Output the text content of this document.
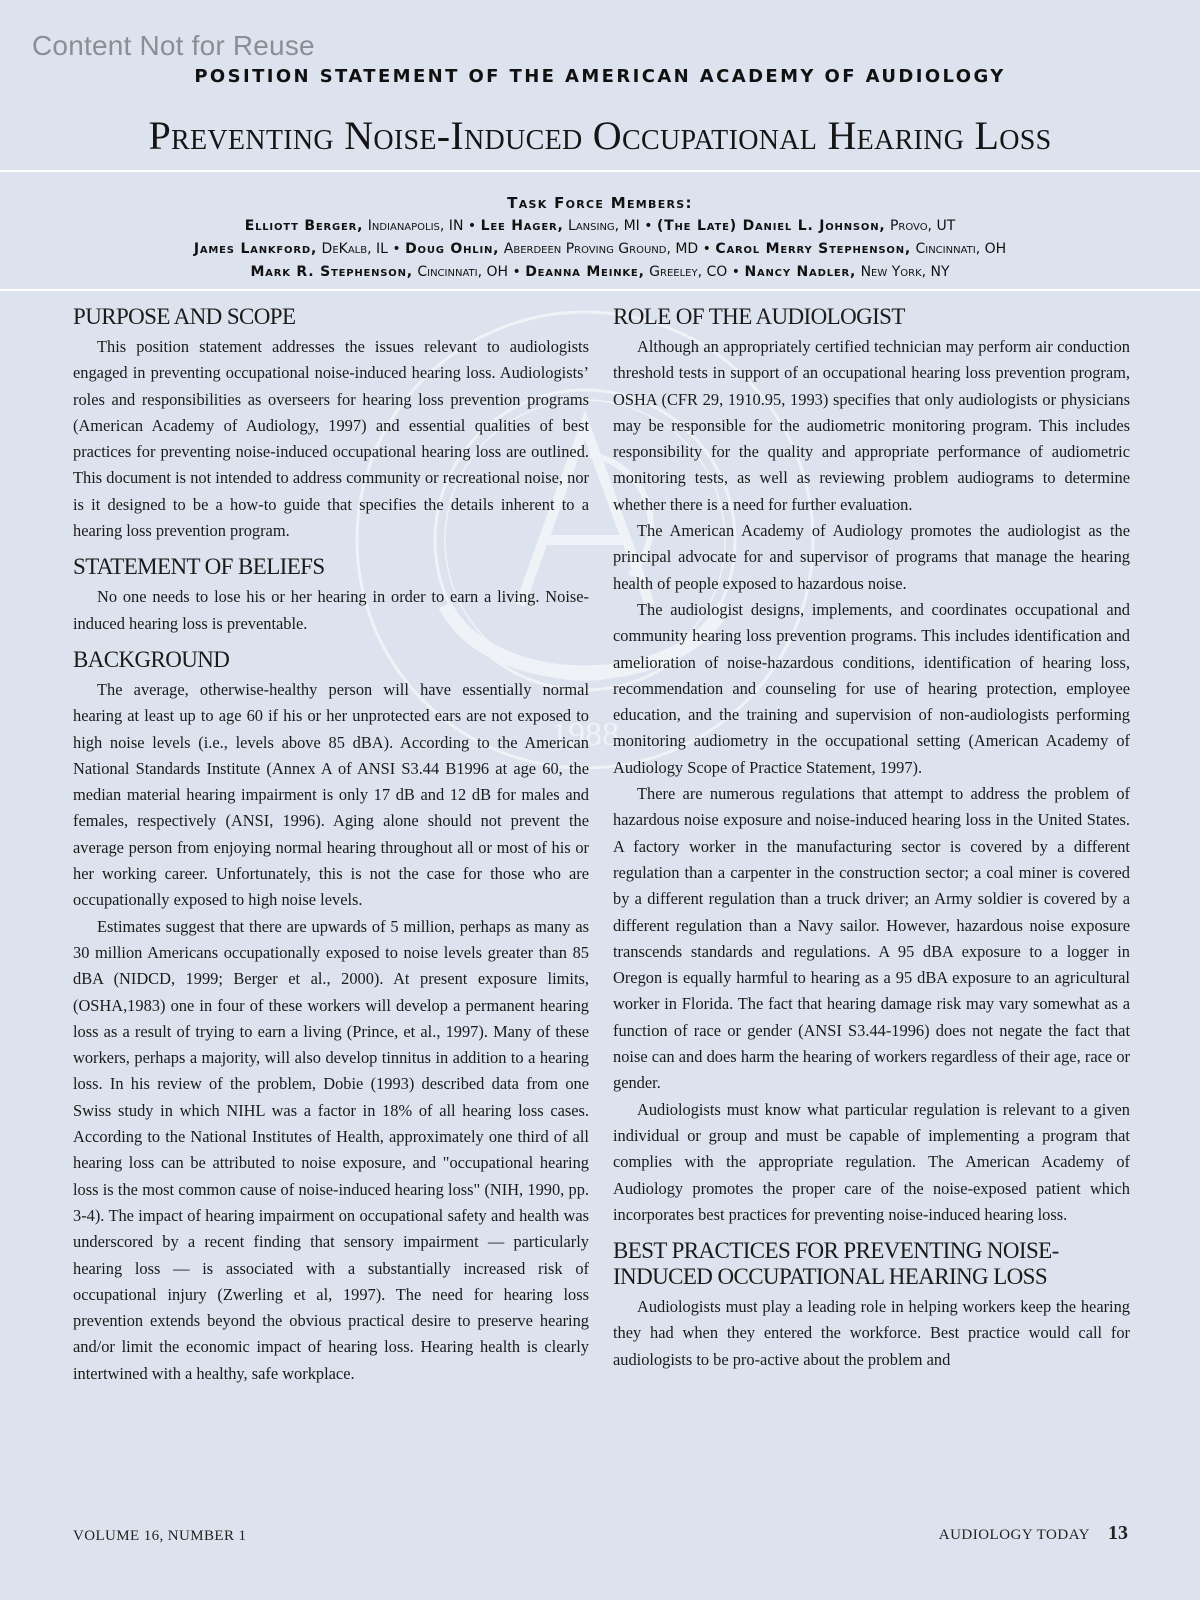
Content Not for Reuse
POSITION STATEMENT OF THE AMERICAN ACADEMY OF AUDIOLOGY
Preventing Noise-Induced Occupational Hearing Loss
Task Force Members:
Elliott Berger, Indianapolis, IN • Lee Hager, Lansing, MI • (The Late) Daniel L. Johnson, Provo, UT
James Lankford, DeKalb, IL • Doug Ohlin, Aberdeen Proving Ground, MD • Carol Merry Stephenson, Cincinnati, OH
Mark R. Stephenson, Cincinnati, OH • Deanna Meinke, Greeley, CO • Nancy Nadler, New York, NY
1988
PURPOSE AND SCOPE

This position statement addresses the issues relevant to audiologists engaged in preventing occupational noise-induced hearing loss. Audiologists’ roles and responsibilities as overseers for hearing loss prevention programs (American Academy of Audiology, 1997) and essential qualities of best practices for preventing noise-induced occupational hearing loss are outlined. This document is not intended to address community or recreational noise, nor is it designed to be a how-to guide that specifies the details inherent to a hearing loss prevention program.

STATEMENT OF BELIEFS

No one needs to lose his or her hearing in order to earn a living. Noise-induced hearing loss is preventable.

BACKGROUND

The average, otherwise-healthy person will have essentially normal hearing at least up to age 60 if his or her unprotected ears are not exposed to high noise levels (i.e., levels above 85 dBA). According to the American National Standards Institute (Annex A of ANSI S3.44 B1996 at age 60, the median material hearing impairment is only 17 dB and 12 dB for males and females, respectively (ANSI, 1996). Aging alone should not prevent the average person from enjoying normal hearing throughout all or most of his or her working career. Unfortunately, this is not the case for those who are occupationally exposed to high noise levels.

Estimates suggest that there are upwards of 5 million, perhaps as many as 30 million Americans occupationally exposed to noise levels greater than 85 dBA (NIDCD, 1999; Berger et al., 2000). At present exposure limits, (OSHA,1983) one in four of these workers will develop a permanent hearing loss as a result of trying to earn a living (Prince, et al., 1997). Many of these workers, perhaps a majority, will also develop tinnitus in addition to a hearing loss. In his review of the problem, Dobie (1993) described data from one Swiss study in which NIHL was a factor in 18% of all hearing loss cases. According to the National Institutes of Health, approximately one third of all hearing loss can be attributed to noise exposure, and "occupational hearing loss is the most common cause of noise-induced hearing loss" (NIH, 1990, pp. 3-4). The impact of hearing impairment on occupational safety and health was underscored by a recent finding that sensory impairment — particularly hearing loss — is associated with a substantially increased risk of occupational injury (Zwerling et al, 1997). The need for hearing loss prevention extends beyond the obvious practical desire to preserve hearing and/or limit the economic impact of hearing loss. Hearing health is clearly intertwined with a healthy, safe workplace.

ROLE OF THE AUDIOLOGIST

Although an appropriately certified technician may perform air conduction threshold tests in support of an occupational hearing loss prevention program, OSHA (CFR 29, 1910.95, 1993) specifies that only audiologists or physicians may be responsible for the audiometric monitoring program. This includes responsibility for the quality and appropriate performance of audiometric monitoring tests, as well as reviewing problem audiograms to determine whether there is a need for further evaluation.

The American Academy of Audiology promotes the audiologist as the principal advocate for and supervisor of programs that manage the hearing health of people exposed to hazardous noise.

The audiologist designs, implements, and coordinates occupational and community hearing loss prevention programs. This includes identification and amelioration of noise-hazardous conditions, identification of hearing loss, recommendation and counseling for use of hearing protection, employee education, and the training and supervision of non-audiologists performing monitoring audiometry in the occupational setting (American Academy of Audiology Scope of Practice Statement, 1997).

There are numerous regulations that attempt to address the problem of hazardous noise exposure and noise-induced hearing loss in the United States. A factory worker in the manufacturing sector is covered by a different regulation than a carpenter in the construction sector; a coal miner is covered by a different regulation than a truck driver; an Army soldier is covered by a different regulation than a Navy sailor. However, hazardous noise exposure transcends standards and regulations. A 95 dBA exposure to a logger in Oregon is equally harmful to hearing as a 95 dBA exposure to an agricultural worker in Florida. The fact that hearing damage risk may vary somewhat as a function of race or gender (ANSI S3.44-1996) does not negate the fact that noise can and does harm the hearing of workers regardless of their age, race or gender.

Audiologists must know what particular regulation is relevant to a given individual or group and must be capable of implementing a program that complies with the appropriate regulation. The American Academy of Audiology promotes the proper care of the noise-exposed patient which incorporates best practices for preventing noise-induced hearing loss.

BEST PRACTICES FOR PREVENTING NOISE-INDUCED OCCUPATIONAL HEARING LOSS

Audiologists must play a leading role in helping workers keep the hearing they had when they entered the workforce. Best practice would call for audiologists to be pro-active about the problem and

VOLUME 16, NUMBER 1	AUDIOLOGY TODAY 13
